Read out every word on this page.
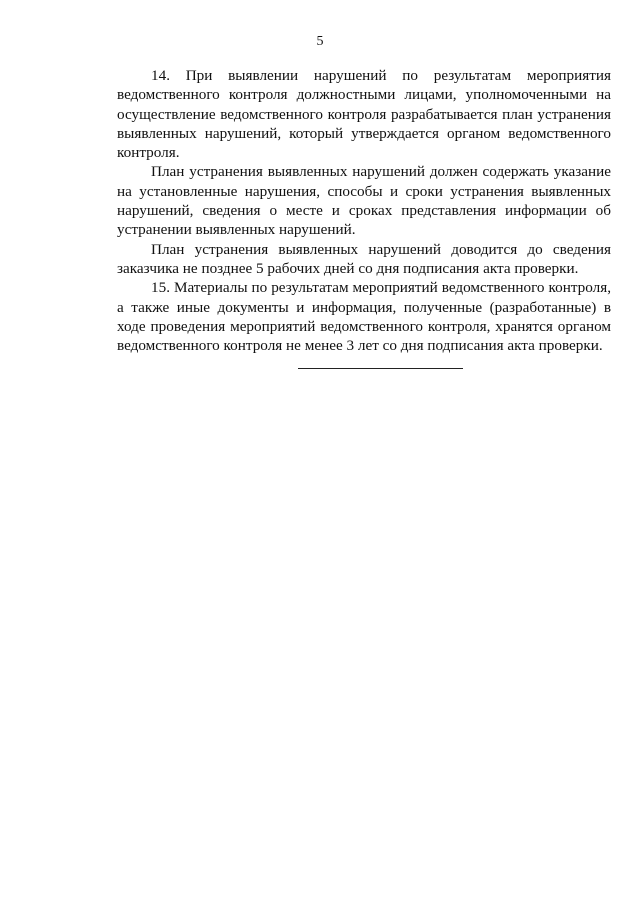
5

14. При выявлении нарушений по результатам мероприятия ведомственного контроля должностными лицами, уполномоченными на осуществление ведомственного контроля разрабатывается план устранения выявленных нарушений, который утверждается органом ведомственного контроля.

План устранения выявленных нарушений должен содержать указание на установленные нарушения, способы и сроки устранения выявленных нарушений, сведения о месте и сроках представления информации об устранении выявленных нарушений.

План устранения выявленных нарушений доводится до сведения заказчика не позднее 5 рабочих дней со дня подписания акта проверки.

15. Материалы по результатам мероприятий ведомственного контроля, а также иные документы и информация, полученные (разработанные) в ходе проведения мероприятий ведомственного контроля, хранятся органом ведомственного контроля не менее 3 лет со дня подписания акта проверки.
